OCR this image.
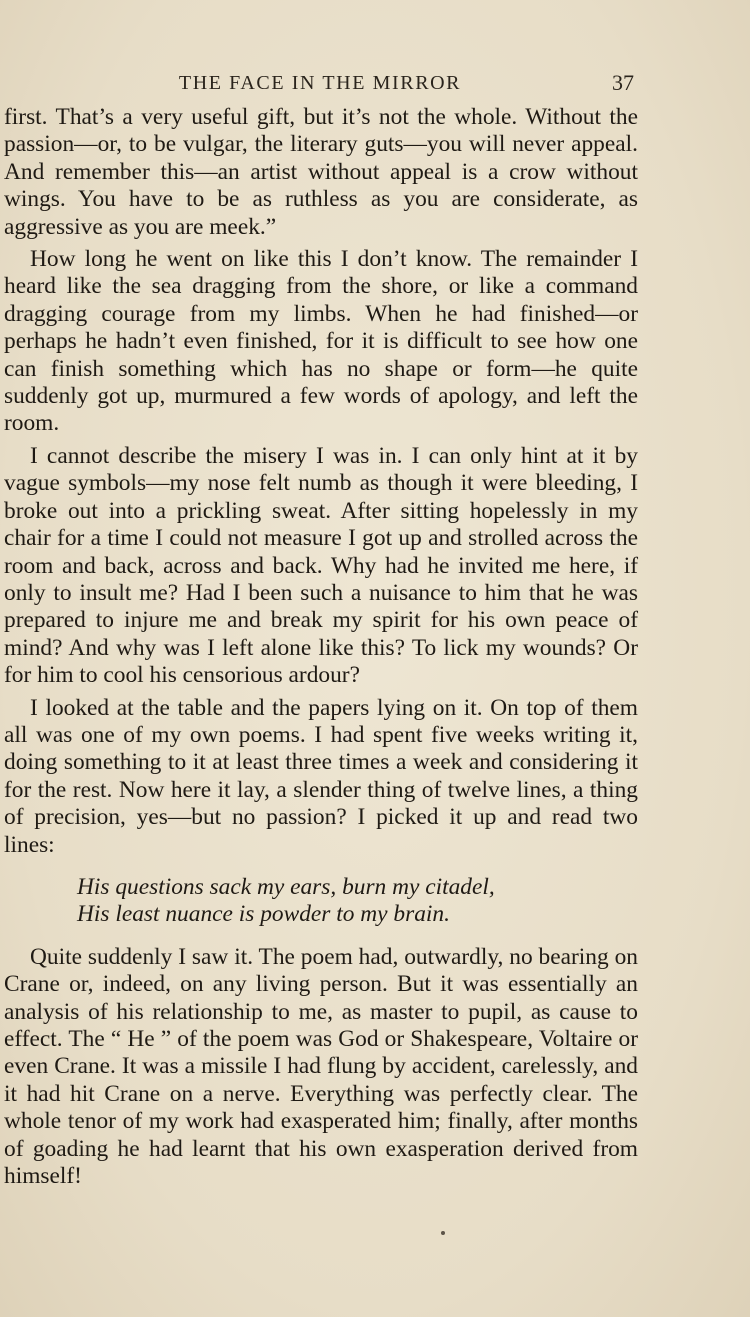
THE FACE IN THE MIRROR	37

first. That’s a very useful gift, but it’s not the whole. Without the passion—or, to be vulgar, the literary guts—you will never appeal. And remember this—an artist without appeal is a crow without wings. You have to be as ruthless as you are considerate, as aggressive as you are meek.”

How long he went on like this I don’t know. The remainder I heard like the sea dragging from the shore, or like a command dragging courage from my limbs. When he had finished—or perhaps he hadn’t even finished, for it is difficult to see how one can finish something which has no shape or form—he quite suddenly got up, murmured a few words of apology, and left the room.

I cannot describe the misery I was in. I can only hint at it by vague symbols—my nose felt numb as though it were bleeding, I broke out into a prickling sweat. After sitting hopelessly in my chair for a time I could not measure I got up and strolled across the room and back, across and back. Why had he invited me here, if only to insult me? Had I been such a nuisance to him that he was prepared to injure me and break my spirit for his own peace of mind? And why was I left alone like this? To lick my wounds? Or for him to cool his censorious ardour?

I looked at the table and the papers lying on it. On top of them all was one of my own poems. I had spent five weeks writing it, doing something to it at least three times a week and considering it for the rest. Now here it lay, a slender thing of twelve lines, a thing of precision, yes—but no passion? I picked it up and read two lines:

His questions sack my ears, burn my citadel,
His least nuance is powder to my brain.

Quite suddenly I saw it. The poem had, outwardly, no bearing on Crane or, indeed, on any living person. But it was essentially an analysis of his relationship to me, as master to pupil, as cause to effect. The “ He ” of the poem was God or Shakespeare, Voltaire or even Crane. It was a missile I had flung by accident, carelessly, and it had hit Crane on a nerve. Everything was perfectly clear. The whole tenor of my work had exasperated him; finally, after months of goading he had learnt that his own exasperation derived from himself!
